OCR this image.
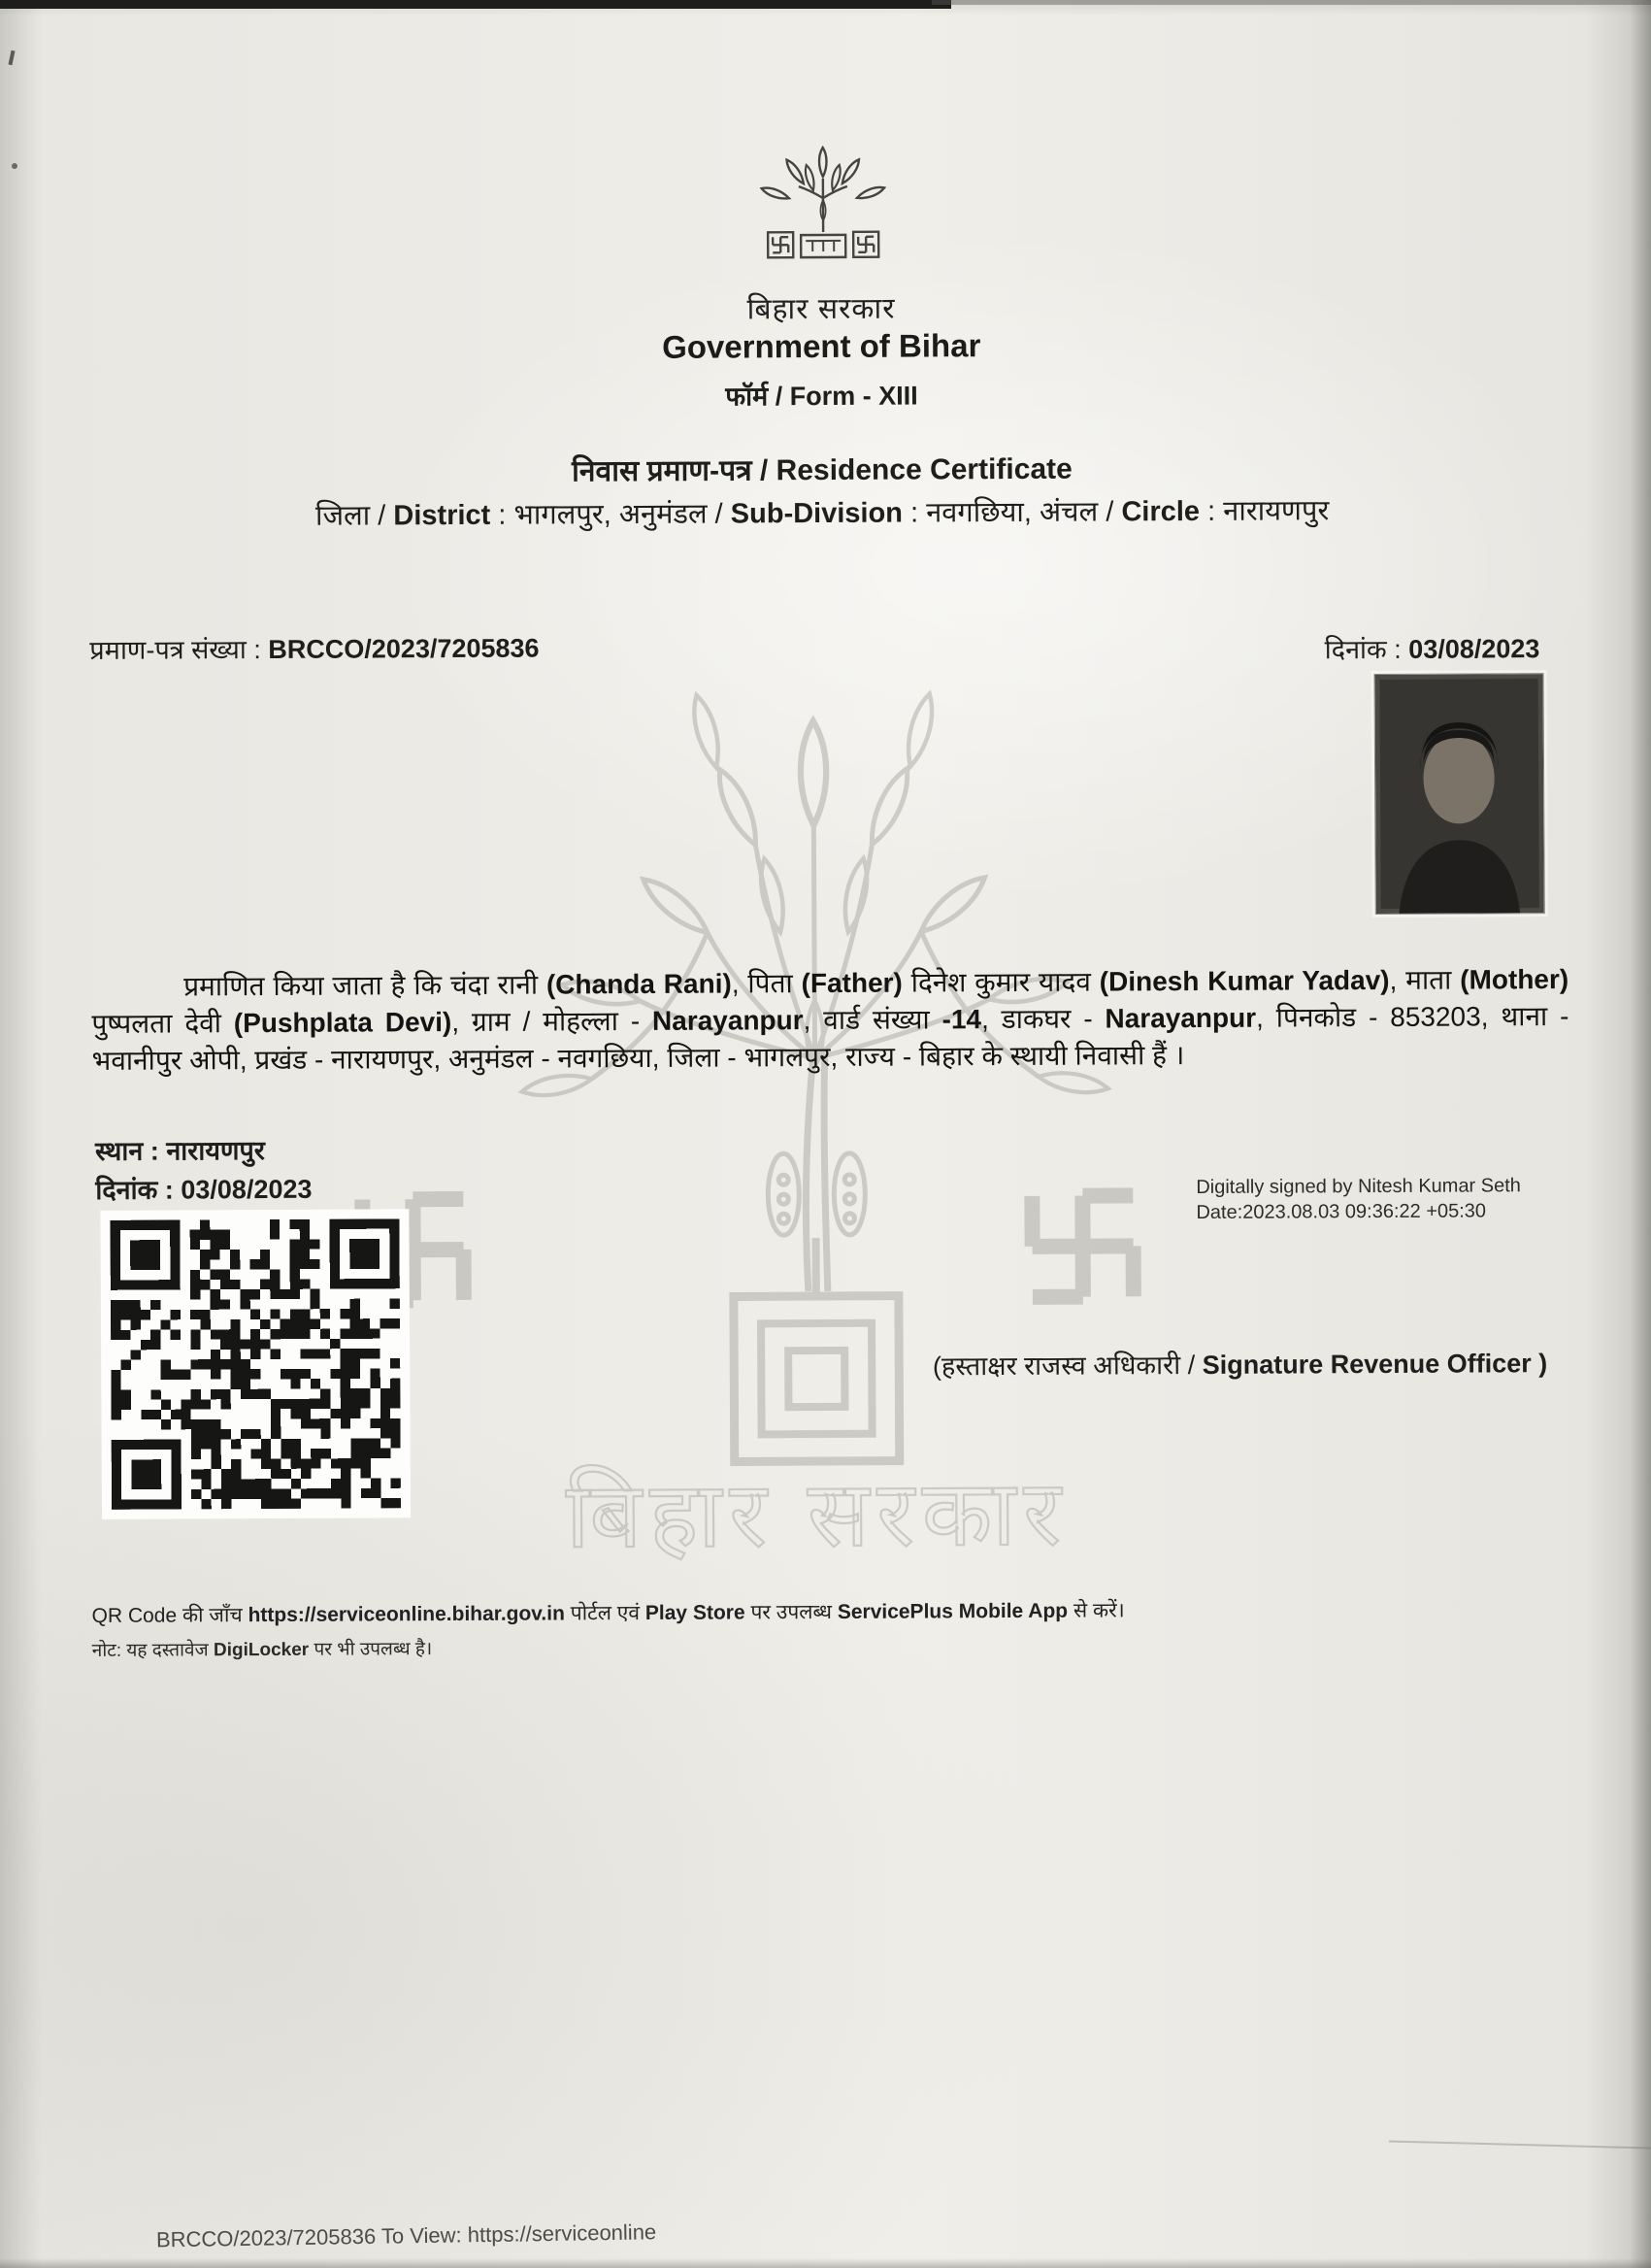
बिहार सरकार
बिहार सरकार
Government of Bihar
फॉर्म / Form - XIII
निवास प्रमाण-पत्र / Residence Certificate
जिला / District : भागलपुर, अनुमंडल / Sub-Division : नवगछिया, अंचल / Circle : नारायणपुर
प्रमाण-पत्र संख्या : BRCCO/2023/7205836	दिनांक : 03/08/2023

प्रमाणित किया जाता है कि चंदा रानी (Chanda Rani), पिता (Father) दिनेश कुमार यादव (Dinesh Kumar Yadav), माता (Mother) पुष्पलता देवी (Pushplata Devi), ग्राम / मोहल्ला - Narayanpur, वार्ड संख्या -14, डाकघर - Narayanpur, पिनकोड - 853203, थाना - भवानीपुर ओपी, प्रखंड - नारायणपुर, अनुमंडल - नवगछिया, जिला - भागलपुर, राज्य - बिहार के स्थायी निवासी हैं ।

स्थान : नारायणपुर
दिनांक : 03/08/2023	Digitally signed by Nitesh Kumar Seth
Date:2023.08.03 09:36:22 +05:30
(हस्ताक्षर राजस्व अधिकारी / Signature Revenue Officer )
QR Code की जाँच https://serviceonline.bihar.gov.in पोर्टल एवं Play Store पर उपलब्ध ServicePlus Mobile App से करें।
नोट: यह दस्तावेज DigiLocker पर भी उपलब्ध है।
BRCCO/2023/7205836 To View: https://serviceonline
